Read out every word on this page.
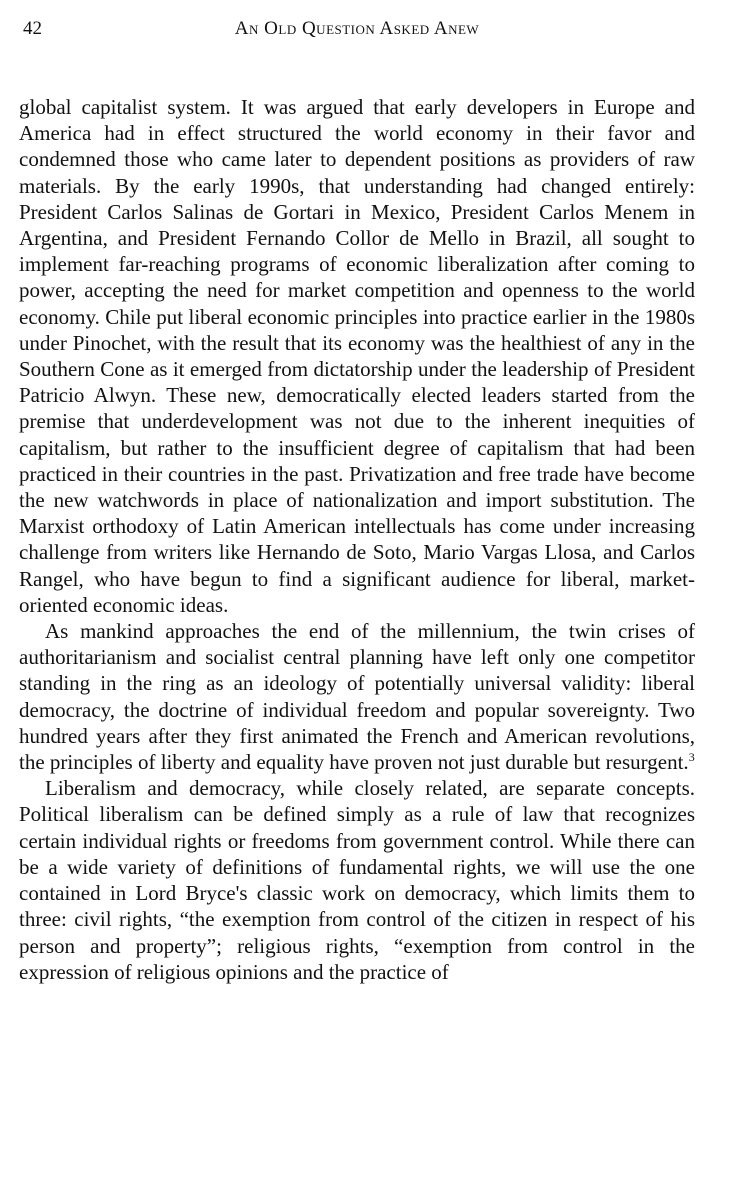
42	An Old Question Asked Anew

global capitalist system. It was argued that early developers in Europe and America had in effect structured the world economy in their favor and condemned those who came later to dependent positions as providers of raw materials. By the early 1990s, that understanding had changed entirely: President Carlos Salinas de Gortari in Mexico, President Carlos Menem in Argentina, and President Fernando Collor de Mello in Brazil, all sought to implement far-reaching programs of economic liberalization after coming to power, accepting the need for market competition and openness to the world economy. Chile put liberal economic principles into practice earlier in the 1980s under Pinochet, with the result that its economy was the healthiest of any in the Southern Cone as it emerged from dictatorship under the leadership of President Patricio Alwyn. These new, democratically elected leaders started from the premise that underdevelopment was not due to the inherent inequities of capitalism, but rather to the insufficient degree of capitalism that had been practiced in their countries in the past. Privatization and free trade have become the new watchwords in place of nationalization and import substitution. The Marxist orthodoxy of Latin American intellectuals has come under increasing challenge from writers like Hernando de Soto, Mario Vargas Llosa, and Carlos Rangel, who have begun to find a significant audience for liberal, market-oriented economic ideas.

As mankind approaches the end of the millennium, the twin crises of authoritarianism and socialist central planning have left only one competitor standing in the ring as an ideology of potentially universal validity: liberal democracy, the doctrine of individual freedom and popular sovereignty. Two hundred years after they first animated the French and American revolutions, the principles of liberty and equality have proven not just durable but resurgent.$^3$

Liberalism and democracy, while closely related, are separate concepts. Political liberalism can be defined simply as a rule of law that recognizes certain individual rights or freedoms from government control. While there can be a wide variety of definitions of fundamental rights, we will use the one contained in Lord Bryce's classic work on democracy, which limits them to three: civil rights, “the exemption from control of the citizen in respect of his person and property”; religious rights, “exemption from control in the expression of religious opinions and the practice of
